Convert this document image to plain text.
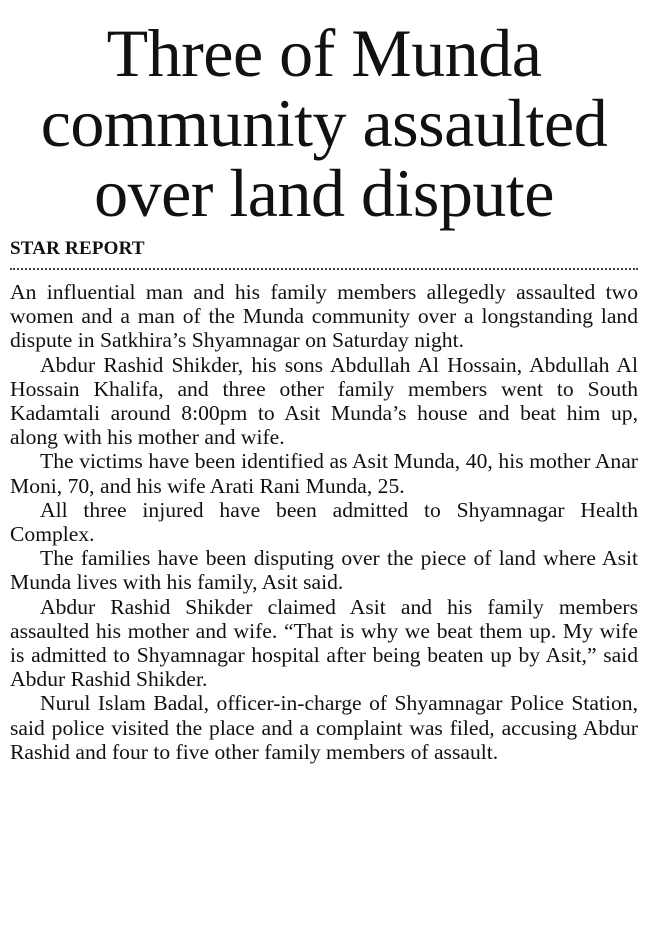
Three of Munda
community assaulted
over land dispute
STAR REPORT

An influential man and his family members allegedly assaulted two women and a man of the Munda community over a longstanding land dispute in Satkhira’s Shyamnagar on Saturday night.

Abdur Rashid Shikder, his sons Abdullah Al Hossain, Abdullah Al Hossain Khalifa, and three other family members went to South Kadamtali around 8:00pm to Asit Munda’s house and beat him up, along with his mother and wife.

The victims have been identified as Asit Munda, 40, his mother Anar Moni, 70, and his wife Arati Rani Munda, 25.

All three injured have been admitted to Shyamnagar Health Complex.

The families have been disputing over the piece of land where Asit Munda lives with his family, Asit said.

Abdur Rashid Shikder claimed Asit and his family members assaulted his mother and wife. “That is why we beat them up. My wife is admitted to Shyamnagar hospital after being beaten up by Asit,” said Abdur Rashid Shikder.

Nurul Islam Badal, officer-in-charge of Shyamnagar Police Station, said police visited the place and a complaint was filed, accusing Abdur Rashid and four to five other family members of assault.
